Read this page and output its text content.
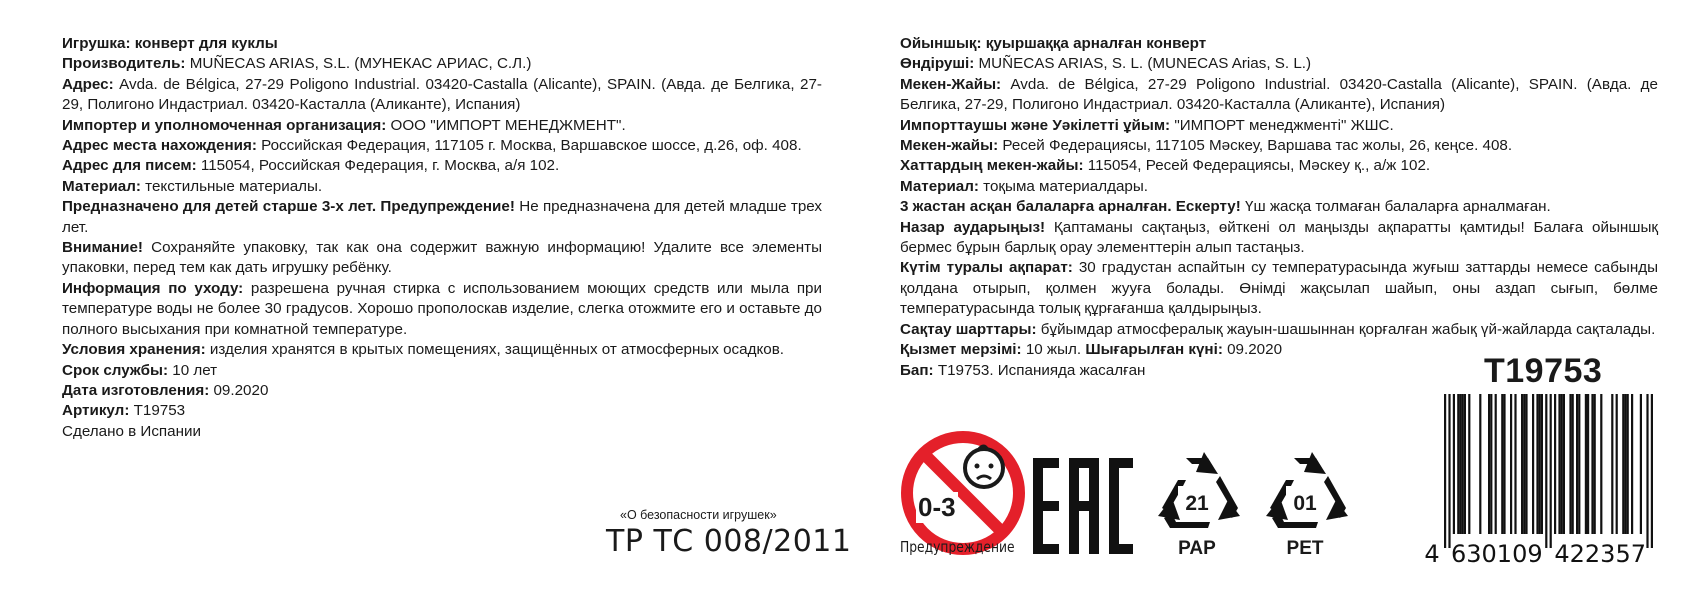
Игрушка: конверт для куклы

Производитель: MUÑECAS ARIAS, S.L. (МУНЕКАС АРИАС, С.Л.)

Адрес: Avda. de Bélgica, 27-29 Poligono Industrial. 03420-Castalla (Alicante), SPAIN. (Авда. де Белгика, 27-29, Полигоно Индастриал. 03420-Касталла (Аликанте), Испания)

Импортер и уполномоченная организация: ООО "ИМПОРТ МЕНЕДЖМЕНТ".

Адрес места нахождения: Российская Федерация, 117105 г. Москва, Варшавское шоссе, д.26, оф. 408.

Адрес для писем: 115054, Российская Федерация, г. Москва, а/я 102.

Материал: текстильные материалы.

Предназначено для детей старше 3-х лет. Предупреждение! Не предназначена для детей младше трех лет.

Внимание! Сохраняйте упаковку, так как она содержит важную информацию! Удалите все элементы упаковки, перед тем как дать игрушку ребёнку.

Информация по уходу: разрешена ручная стирка с использованием моющих средств или мыла при температуре воды не более 30 градусов. Хорошо прополоскав изделие, слегка отожмите его и оставьте до полного высыхания при комнатной температуре.

Условия хранения: изделия хранятся в крытых помещениях, защищённых от атмосферных осадков.

Срок службы: 10 лет

Дата изготовления: 09.2020

Артикул: T19753

Сделано в Испании

«О безопасности игрушек»
ТР ТС 008/2011

Ойыншық: қуыршаққа арналған конверт

Өндіруші: MUÑECAS ARIAS, S. L. (MUNECAS Arias, S. L.)

Мекен-Жайы: Avda. de Bélgica, 27-29 Poligono Industrial. 03420-Castalla (Alicante), SPAIN. (Авда. де Белгика, 27-29, Полигоно Индастриал. 03420-Касталла (Аликанте), Испания)

Импорттаушы және Уәкілетті ұйым: "ИМПОРТ менеджменті" ЖШС.

Мекен-жайы: Ресей Федерациясы, 117105 Мәскеу, Варшава тас жолы, 26, кеңсе. 408.

Хаттардың мекен-жайы: 115054, Ресей Федерациясы, Мәскеу қ., а/ж 102.

Материал: тоқыма материалдары.

3 жастан асқан балаларға арналған. Ескерту! Үш жасқа толмаған балаларға арналмаған.

Назар аударыңыз! Қаптаманы сақтаңыз, өйткені ол маңызды ақпаратты қамтиды! Балаға ойыншық бермес бұрын барлық орау элементтерін алып тастаңыз.

Күтім туралы ақпарат: 30 градустан аспайтын су температурасында жуғыш заттарды немесе сабынды қолдана отырып, қолмен жууға болады. Өнімді жақсылап шайып, оны аздап сығып, бөлме температурасында толық құрғағанша қалдырыңыз.

Сақтау шарттары: бұйымдар атмосфералық жауын-шашыннан қорғалған жабық үй-жайларда сақталады.

Қызмет мерзімі: 10 жыл. Шығарылған күні: 09.2020

Бап: T19753. Испанияда жасалған

0-3
Предупреждение
21
PAP
01
PET
T19753
4 630109 422357
